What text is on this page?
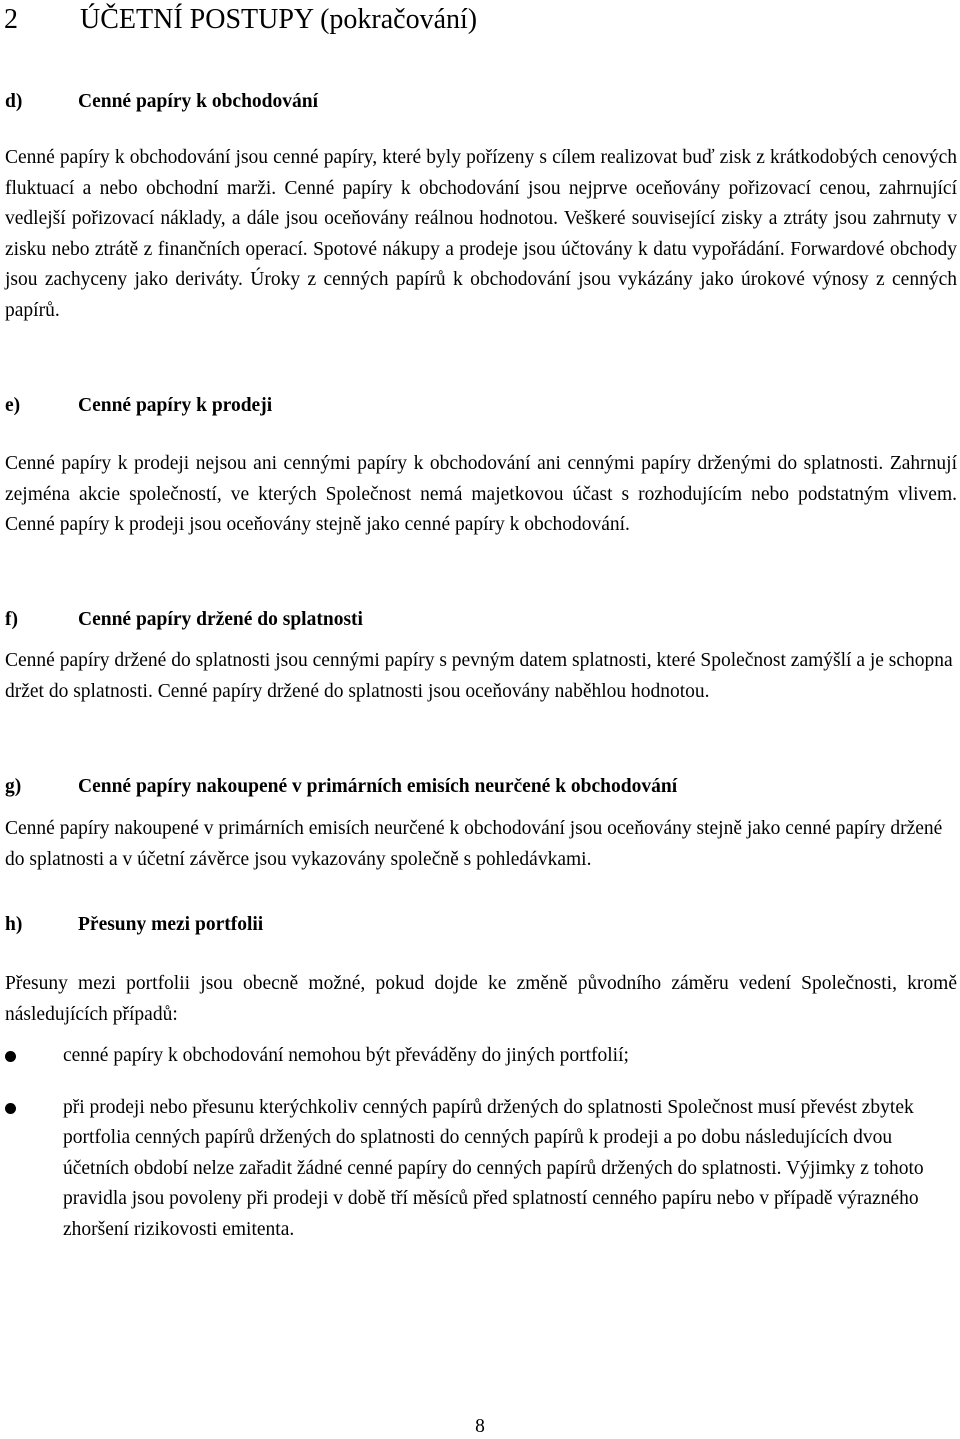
2 ÚČETNÍ POSTUPY (pokračování)
d)	Cenné papíry k obchodování

Cenné papíry k obchodování jsou cenné papíry, které byly pořízeny s cílem realizovat buď zisk z krátkodobých cenových fluktuací a nebo obchodní marži. Cenné papíry k obchodování jsou nejprve oceňovány pořizovací cenou, zahrnující vedlejší pořizovací náklady, a dále jsou oceňovány reálnou hodnotou. Veškeré související zisky a ztráty jsou zahrnuty v zisku nebo ztrátě z finančních operací. Spotové nákupy a prodeje jsou účtovány k datu vypořádání. Forwardové obchody jsou zachyceny jako deriváty. Úroky z cenných papírů k obchodování jsou vykázány jako úrokové výnosy z cenných papírů.

e)	Cenné papíry k prodeji

Cenné papíry k prodeji nejsou ani cennými papíry k obchodování ani cennými papíry drženými do splatnosti. Zahrnují zejména akcie společností, ve kterých Společnost nemá majetkovou účast s rozhodujícím nebo podstatným vlivem. Cenné papíry k prodeji jsou oceňovány stejně jako cenné papíry k obchodování.

f)	Cenné papíry držené do splatnosti

Cenné papíry držené do splatnosti jsou cennými papíry s pevným datem splatnosti, které Společnost zamýšlí a je schopna držet do splatnosti. Cenné papíry držené do splatnosti jsou oceňovány naběhlou hodnotou.

g)	Cenné papíry nakoupené v primárních emisích neurčené k obchodování

Cenné papíry nakoupené v primárních emisích neurčené k obchodování jsou oceňovány stejně jako cenné papíry držené do splatnosti a v účetní závěrce jsou vykazovány společně s pohledávkami.

h)	Přesuny mezi portfolii

Přesuny mezi portfolii jsou obecně možné, pokud dojde ke změně původního záměru vedení Společnosti, kromě následujících případů:

cenné papíry k obchodování nemohou být převáděny do jiných portfolií;
při prodeji nebo přesunu kterýchkoliv cenných papírů držených do splatnosti Společnost musí převést zbytek portfolia cenných papírů držených do splatnosti do cenných papírů k prodeji a po dobu následujících dvou účetních období nelze zařadit žádné cenné papíry do cenných papírů držených do splatnosti. Výjimky z tohoto pravidla jsou povoleny při prodeji v době tří měsíců před splatností cenného papíru nebo v případě výrazného zhoršení rizikovosti emitenta.
8
